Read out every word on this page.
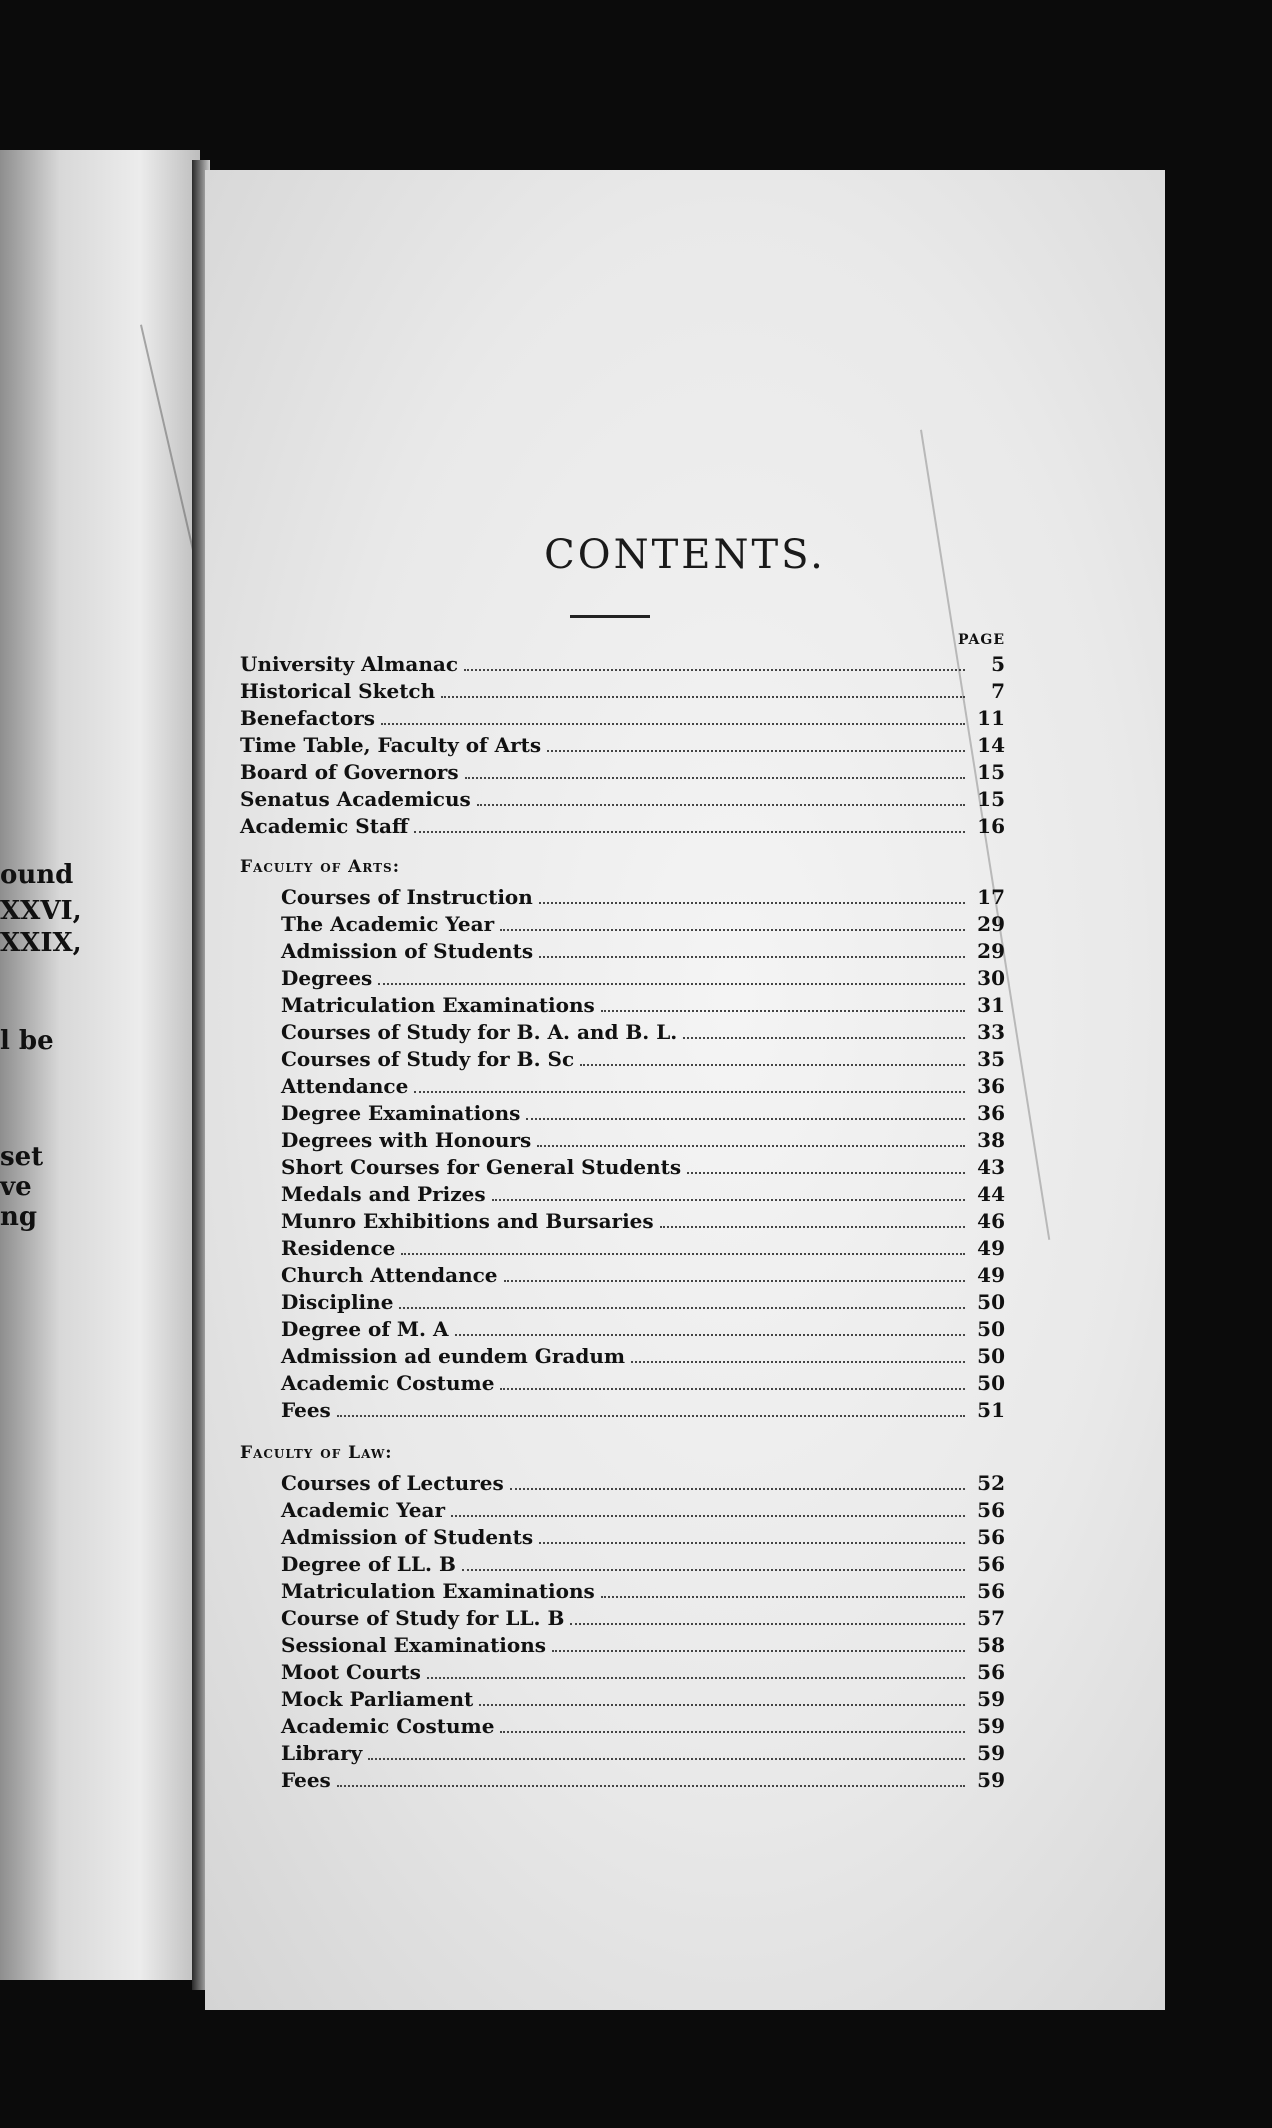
ound
XXVI,
XXIX,
l be
set
ve
ng
CONTENTS.
PAGE
University Almanac	5
Historical Sketch	7
Benefactors	11
Time Table, Faculty of Arts	14
Board of Governors	15
Senatus Academicus	15
Academic Staff	16
Faculty of Arts:
Courses of Instruction	17
The Academic Year	29
Admission of Students	29
Degrees	30
Matriculation Examinations	31
Courses of Study for B. A. and B. L.	33
Courses of Study for B. Sc	35
Attendance	36
Degree Examinations	36
Degrees with Honours	38
Short Courses for General Students	43
Medals and Prizes	44
Munro Exhibitions and Bursaries	46
Residence	49
Church Attendance	49
Discipline	50
Degree of M. A	50
Admission ad eundem Gradum	50
Academic Costume	50
Fees	51
Faculty of Law:
Courses of Lectures	52
Academic Year	56
Admission of Students	56
Degree of LL. B	56
Matriculation Examinations	56
Course of Study for LL. B	57
Sessional Examinations	58
Moot Courts	56
Mock Parliament	59
Academic Costume	59
Library	59
Fees	59
